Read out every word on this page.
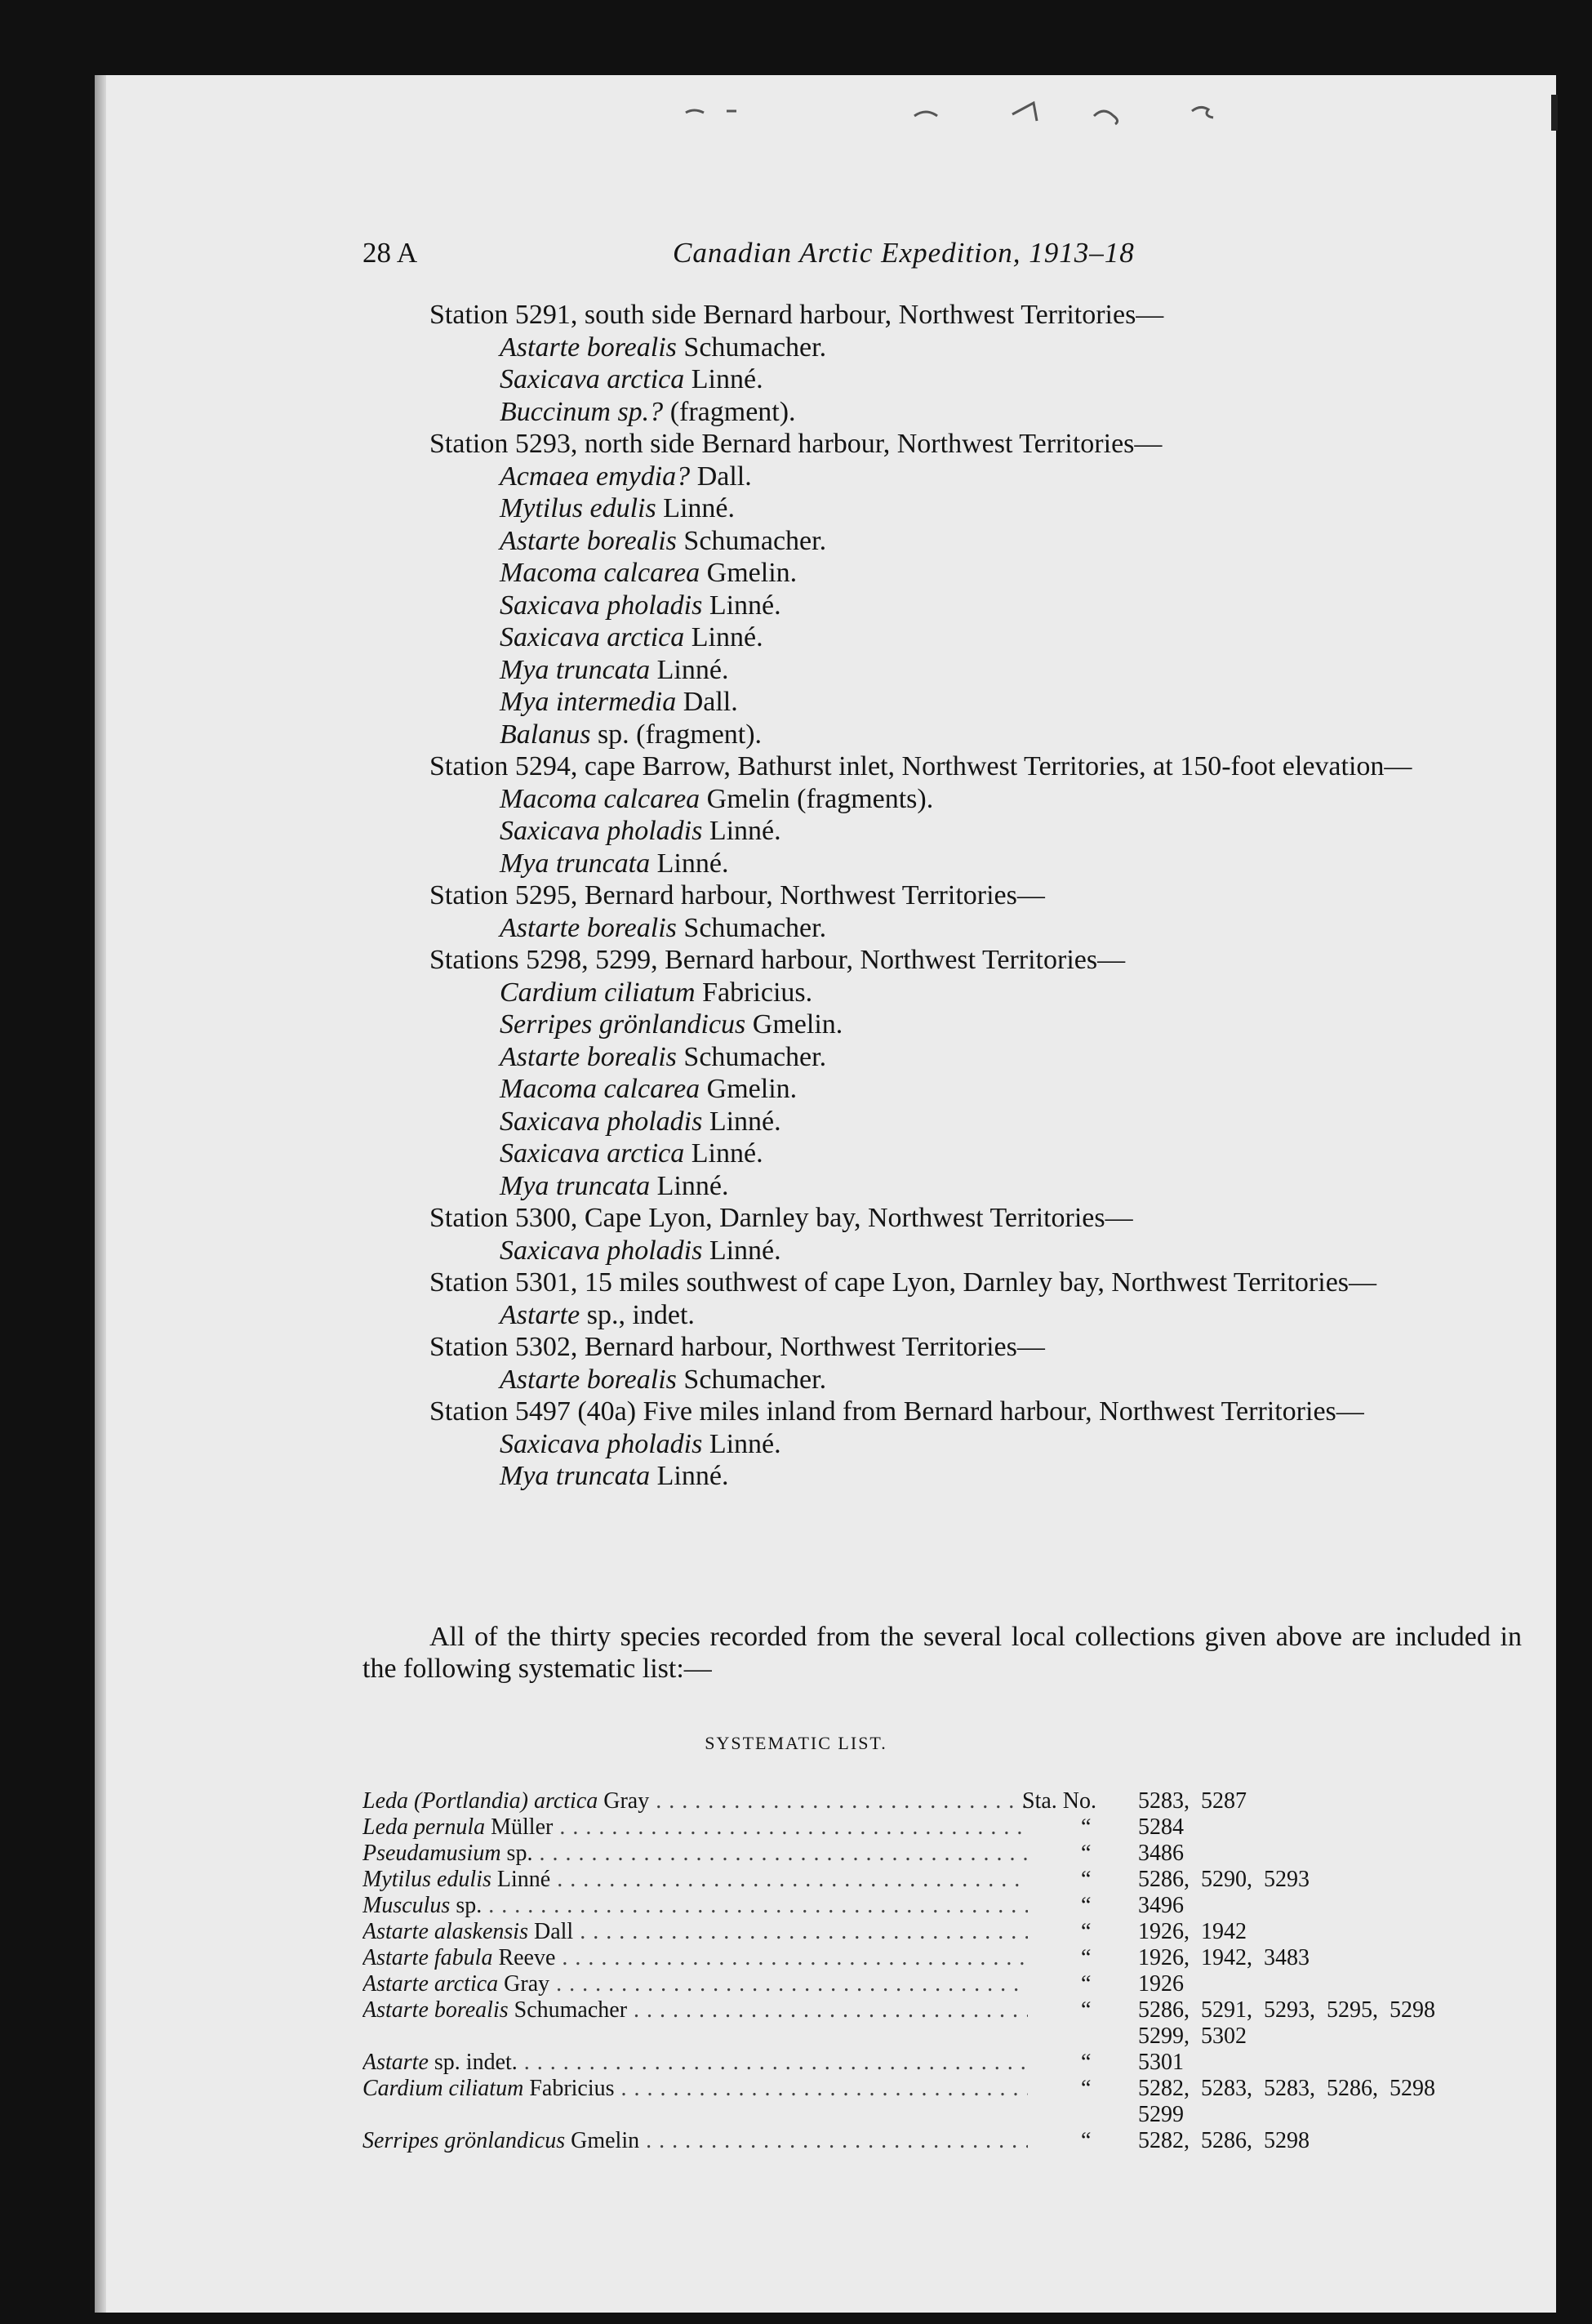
28 A	Canadian Arctic Expedition, 1913–18
Station 5291, south side Bernard harbour, Northwest Territories—
Astarte borealis Schumacher.
Saxicava arctica Linné.
Buccinum sp.? (fragment).
Station 5293, north side Bernard harbour, Northwest Territories—
Acmaea emydia? Dall.
Mytilus edulis Linné.
Astarte borealis Schumacher.
Macoma calcarea Gmelin.
Saxicava pholadis Linné.
Saxicava arctica Linné.
Mya truncata Linné.
Mya intermedia Dall.
Balanus sp. (fragment).
Station 5294, cape Barrow, Bathurst inlet, Northwest Territories, at 150-foot elevation—
Macoma calcarea Gmelin (fragments).
Saxicava pholadis Linné.
Mya truncata Linné.
Station 5295, Bernard harbour, Northwest Territories—
Astarte borealis Schumacher.
Stations 5298, 5299, Bernard harbour, Northwest Territories—
Cardium ciliatum Fabricius.
Serripes grönlandicus Gmelin.
Astarte borealis Schumacher.
Macoma calcarea Gmelin.
Saxicava pholadis Linné.
Saxicava arctica Linné.
Mya truncata Linné.
Station 5300, Cape Lyon, Darnley bay, Northwest Territories—
Saxicava pholadis Linné.
Station 5301, 15 miles southwest of cape Lyon, Darnley bay, Northwest Territories—
Astarte sp., indet.
Station 5302, Bernard harbour, Northwest Territories—
Astarte borealis Schumacher.
Station 5497 (40a) Five miles inland from Bernard harbour, Northwest Territories—
Saxicava pholadis Linné.
Mya truncata Linné.

All of the thirty species recorded from the several local collections given above are included in the following systematic list:—

SYSTEMATIC LIST.
Leda (Portlandia) arctica Gray . . .	Sta. No.	5283,  5287
Leda pernula Müller . . .	“ 5284
Pseudamusium sp. . . .	“ 3486
Mytilus edulis Linné . . .	“ 5286,  5290,  5293
Musculus sp. . . .	“ 3496
Astarte alaskensis Dall . . .	“ 1926,  1942
Astarte fabula Reeve . . .	“ 1926,  1942,  3483
Astarte arctica Gray . . .	“ 1926
Astarte borealis Schumacher . . .	“ 5286,  5291,  5293,  5295,  5298
5299,  5302
Astarte sp. indet. . . .	“ 5301
Cardium ciliatum Fabricius . . .	“ 5282,  5283,  5283,  5286,  5298
5299
Serripes grönlandicus Gmelin . . .	“ 5282,  5286,  5298
